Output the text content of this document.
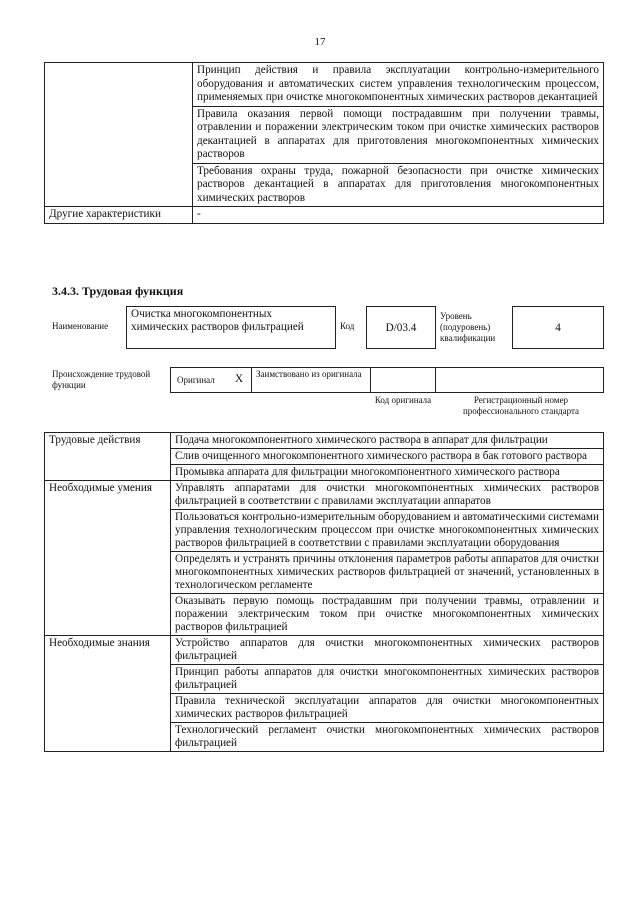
17
	Принцип действия и правила эксплуатации контрольно-измерительного оборудования и автоматических систем управления технологическим процессом, применяемых при очистке многокомпонентных химических растворов декантацией
	Правила оказания первой помощи пострадавшим при получении травмы, отравлении и поражении электрическим током при очистке химических растворов декантацией в аппаратах для приготовления многокомпонентных химических растворов
	Требования охраны труда, пожарной безопасности при очистке химических растворов декантацией в аппаратах для приготовления многокомпонентных химических растворов
Другие характеристики	-
3.4.3. Трудовая функция
Наименование
Очистка многокомпонентных химических растворов фильтрацией	Код	D/03.4
Уровень (подуровень) квалификации
4
Происхождение трудовой функции	Оригинал X	Заимствовано из оригинала
Код оригинала	Регистрационный номер профессионального стандарта
Трудовые действия	Подача многокомпонентного химического раствора в аппарат для фильтрации
	Слив очищенного многокомпонентного химического раствора в бак готового раствора
	Промывка аппарата для фильтрации многокомпонентного химического раствора
Необходимые умения	Управлять аппаратами для очистки многокомпонентных химических растворов фильтрацией в соответствии с правилами эксплуатации аппаратов
	Пользоваться контрольно-измерительным оборудованием и автоматическими системами управления технологическим процессом при очистке многокомпонентных химических растворов фильтрацией в соответствии с правилами эксплуатации оборудования
	Определять и устранять причины отклонения параметров работы аппаратов для очистки многокомпонентных химических растворов фильтрацией от значений, установленных в технологическом регламенте
	Оказывать первую помощь пострадавшим при получении травмы, отравлении и поражении электрическим током при очистке многокомпонентных химических растворов фильтрацией
Необходимые знания	Устройство аппаратов для очистки многокомпонентных химических растворов фильтрацией
	Принцип работы аппаратов для очистки многокомпонентных химических растворов фильтрацией
	Правила технической эксплуатации аппаратов для очистки многокомпонентных химических растворов фильтрацией
	Технологический регламент очистки многокомпонентных химических растворов фильтрацией
